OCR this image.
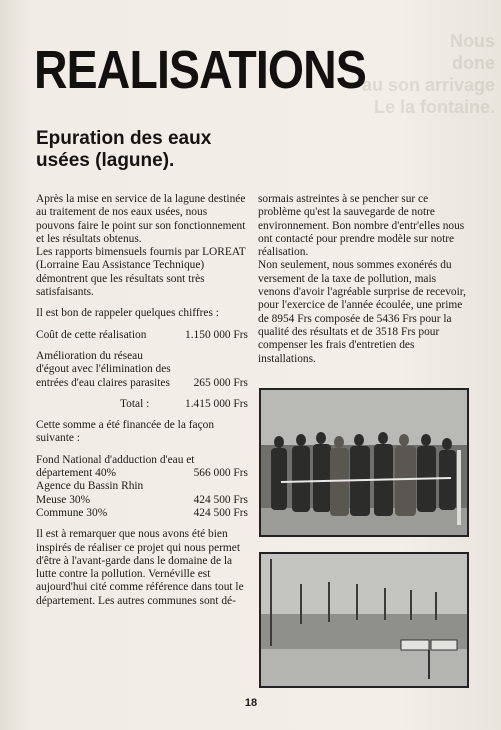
Nous
done
au son arrivage
Le la fontaine.
REALISATIONS
Epuration des eaux usées (lagune).

Après la mise en service de la lagune destinée au traitement de nos eaux usées, nous pouvons faire le point sur son fonctionnement et les résultats obtenus.

Les rapports bimensuels fournis par LOREAT (Lorraine Eau Assistance Technique) démontrent que les résultats sont très satisfaisants.

Il est bon de rappeler quelques chiffres :

Coût de cette réalisation	1.150 000 Frs
Amélioration du réseau d'égout avec l'élimination des entrées d'eau claires parasites	265 000 Frs
Total :	1.415 000 Frs

Cette somme a été financée de la façon suivante :

Fond National d'adduction d'eau et département 40%	566 000 Frs
Agence du Bassin Rhin Meuse 30%	424 500 Frs
Commune 30%	424 500 Frs

Il est à remarquer que nous avons été bien inspirés de réaliser ce projet qui nous permet d'être à l'avant-garde dans le domaine de la lutte contre la pollution. Vernéville est aujourd'hui cité comme référence dans tout le département. Les autres communes sont dé-

sormais astreintes à se pencher sur ce problème qu'est la sauvegarde de notre environnement. Bon nombre d'entr'elles nous ont contacté pour prendre modèle sur notre réalisation.

Non seulement, nous sommes exonérés du versement de la taxe de pollution, mais venons d'avoir l'agréable surprise de recevoir, pour l'exercice de l'année écoulée, une prime de 8954 Frs composée de 5436 Frs pour la qualité des résultats et de 3518 Frs pour compenser les frais d'entretien des installations.

18
